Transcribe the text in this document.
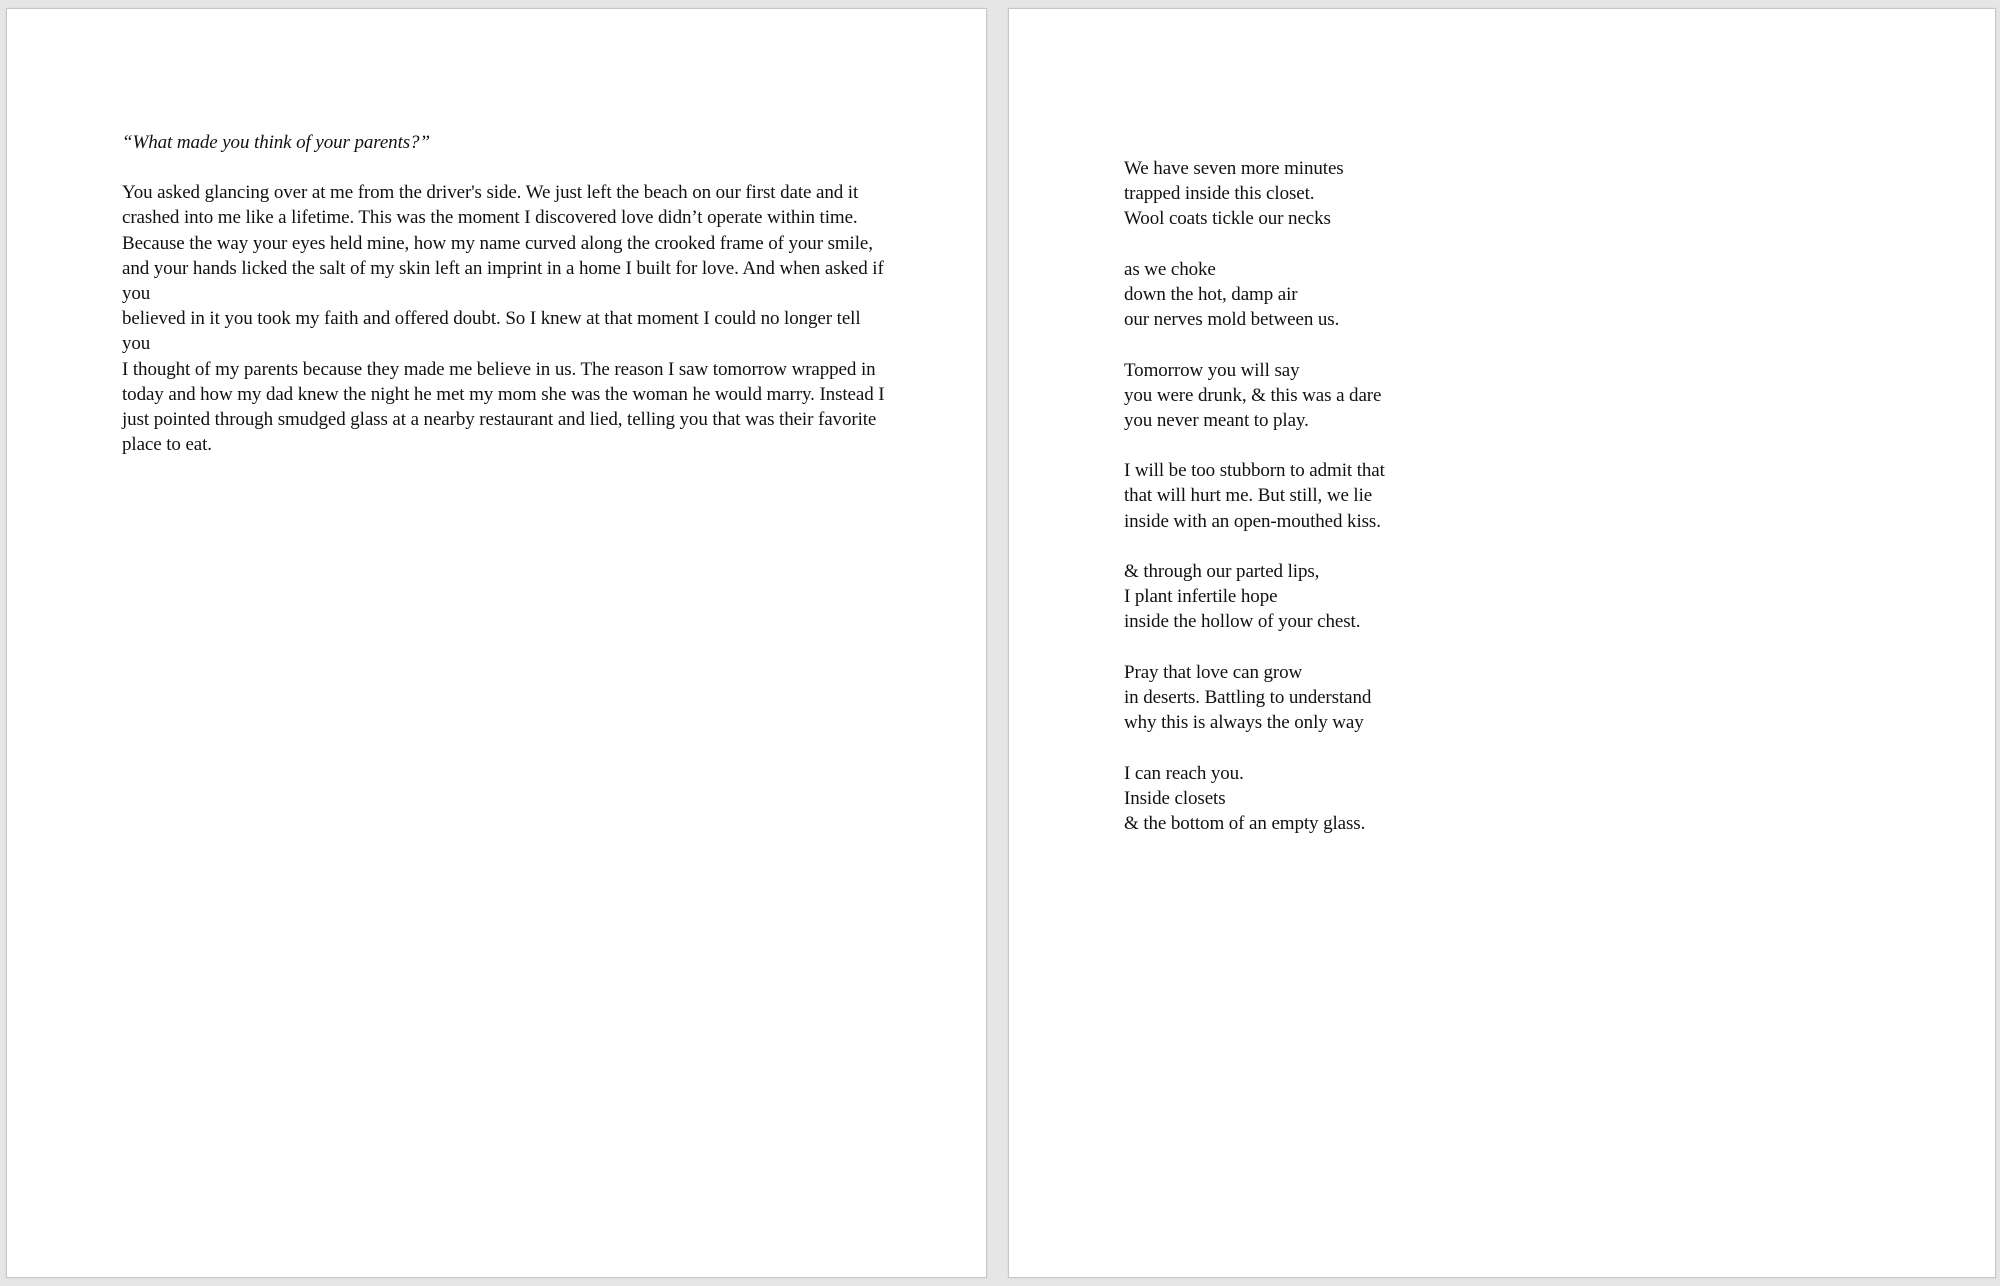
“What made you think of your parents?”
You asked glancing over at me from the driver's side. We just left the beach on our first date and it
crashed into me like a lifetime. This was the moment I discovered love didn’t operate within time.
Because the way your eyes held mine, how my name curved along the crooked frame of your smile,
and your hands licked the salt of my skin left an imprint in a home I built for love. And when asked if
you
believed in it you took my faith and offered doubt. So I knew at that moment I could no longer tell
you
I thought of my parents because they made me believe in us. The reason I saw tomorrow wrapped in
today and how my dad knew the night he met my mom she was the woman he would marry. Instead I
just pointed through smudged glass at a nearby restaurant and lied, telling you that was their favorite
place to eat.
We have seven more minutes
trapped inside this closet.
Wool coats tickle our necks
as we choke
down the hot, damp air
our nerves mold between us.
Tomorrow you will say
you were drunk, & this was a dare
you never meant to play.
I will be too stubborn to admit that
that will hurt me. But still, we lie
inside with an open-mouthed kiss.
& through our parted lips,
I plant infertile hope
inside the hollow of your chest.
Pray that love can grow
in deserts. Battling to understand
why this is always the only way
I can reach you.
Inside closets
& the bottom of an empty glass.
